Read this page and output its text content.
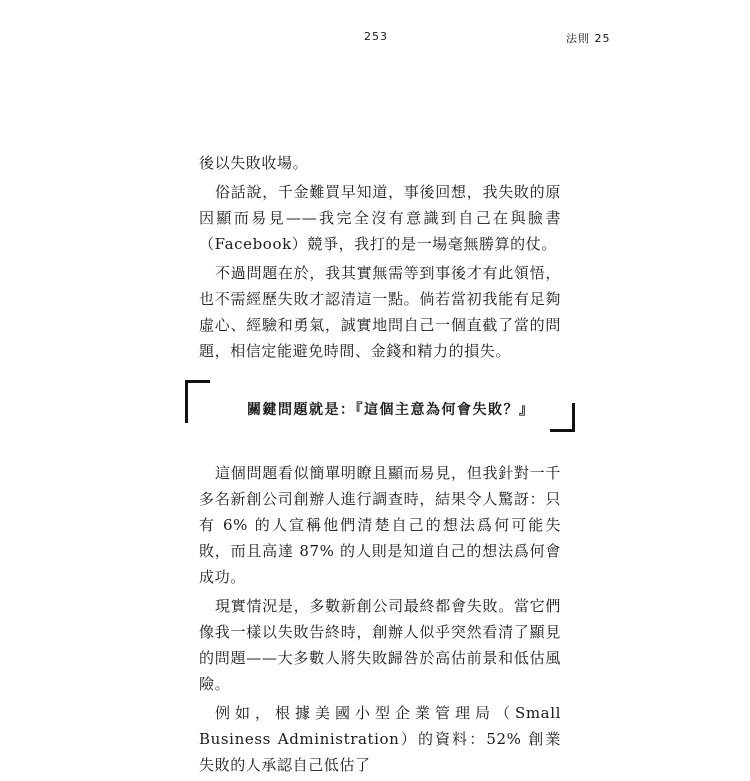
253	法則 25

後以失敗收場。

俗話說，千金難買早知道，事後回想，我失敗的原因顯而易見——我完全沒有意識到自己在與臉書（Facebook）競爭，我打的是一場毫無勝算的仗。

不過問題在於，我其實無需等到事後才有此領悟，也不需經歷失敗才認清這一點。倘若當初我能有足夠虛心、經驗和勇氣，誠實地問自己一個直截了當的問題，相信定能避免時間、金錢和精力的損失。

關鍵問題就是：『這個主意為何會失敗？』

這個問題看似簡單明瞭且顯而易見，但我針對一千多名新創公司創辦人進行調查時，結果令人驚訝：只有 6% 的人宣稱他們清楚自己的想法爲何可能失敗，而且高達 87% 的人則是知道自己的想法爲何會成功。

現實情況是，多數新創公司最終都會失敗。當它們像我一樣以失敗告終時，創辦人似乎突然看清了顯見的問題——大多數人將失敗歸咎於高估前景和低估風險。

例如，根據美國小型企業管理局（Small Business Administration）的資料：52% 創業失敗的人承認自己低估了
